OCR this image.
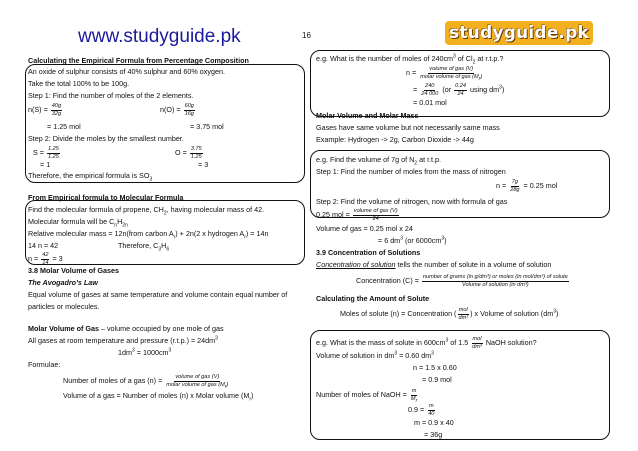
www.studyguide.pk	16	studyguide.pk
Calculating the Empirical Formula from Percentage Composition
An oxide of sulphur consists of 40% sulphur and 60% oxygen.
Take the total 100% to be 100g.
Step 1: Find the number of moles of the 2 elements.
$n(S) = \frac{40g}{32g}$	$n(O) = \frac{60g}{16g}$
= 1.25 mol	= 3.75 mol
Step 2: Divide the moles by the smallest number.
$S = \frac{1.25}{1.25}$	$O = \frac{3.75}{1.25}$
= 1	= 3
Therefore, the empirical formula is $SO_3$
From Empirical formula to Molecular Formula
Find the molecular formula of propene, $CH_2$, having molecular mass of 42.
Molecular formula will be $C_nH_{2n}$
Relative molecular mass = 12n(from carbon $A_r) + 2n(2$ x hydrogen $A_r) = 14n$
14 n = 42	Therefore, $C_3H_6$
$n = \frac{42}{14} = 3$
3.8 Molar Volume of Gases
The Avogadro’s Law
Equal volume of gases at same temperature and volume contain equal number of
particles or molecules.
Molar Volume of Gas – volume occupied by one mole of gas
All gases at room temperature and pressure $(r.t.p.) = 24dm^3$
$1dm^3 = 1000cm^3$
Formulae:
Number of moles of a gas $(n) = \frac{\text{volume of gas (V)}}{molar volume of gas (M_r)}$
Volume of a gas = Number of moles (n) x Molar volume $(M_r)$
e.g. What is the number of moles of $240cm^3$ of $Cl_2$ at r.t.p.?
$n = \frac{\text{volume of gas (V)}}{molar volume of gas (M_r)}$
= $\frac{240}{24 000} (or \frac{0.24}{24}$ using $dm^3$)
= 0.01 mol
Molar Volume and Molar Mass
Gases have same volume but not necessarily same mass
Example: Hydrogen -> 2g, Carbon Dioxide -> 44g
e.g. Find the volume of 7g of $N_2$ at r.t.p.
Step 1: Find the number of moles from the mass of nitrogen
$n = \frac{7g}{28g} = 0.25$ mol
Step 2: Find the volume of nitrogen, now with formula of gas
0.25 mol = $\frac{\text{volume of gas (V)}}{24}$
Volume of gas = 0.25 mol x 24
= 6 $dm^3$ (or $6000cm^3$)
3.9 Concentration of Solutions
Concentration of solution tells the number of solute in a volume of solution
Concentration $(C) = \frac{\text{number of grams (in g/dm³) or moles (in mol/dm³) of solute}}{\text{Volume of solution (in dm³)}}$
Calculating the Amount of Solute
Moles of solute (n) = Concentration ( $\frac{\text{mol}}{\text{dm³}}$ ) x Volume of solution $(dm^3)$
e.g. What is the mass of solute in $600cm^3$ of $1.5 \frac{\text{mol}}{\text{dm³}}$ NaOH solution?
Volume of solution in $dm^3 = 0.60$ $dm^3$
n = 1.5 x 0.60
= 0.9 mol
Number of moles of NaOH = $\frac{m}{M_r}$
$0.9 = \frac{m}{40}$
m = 0.9 x 40
= 36g
